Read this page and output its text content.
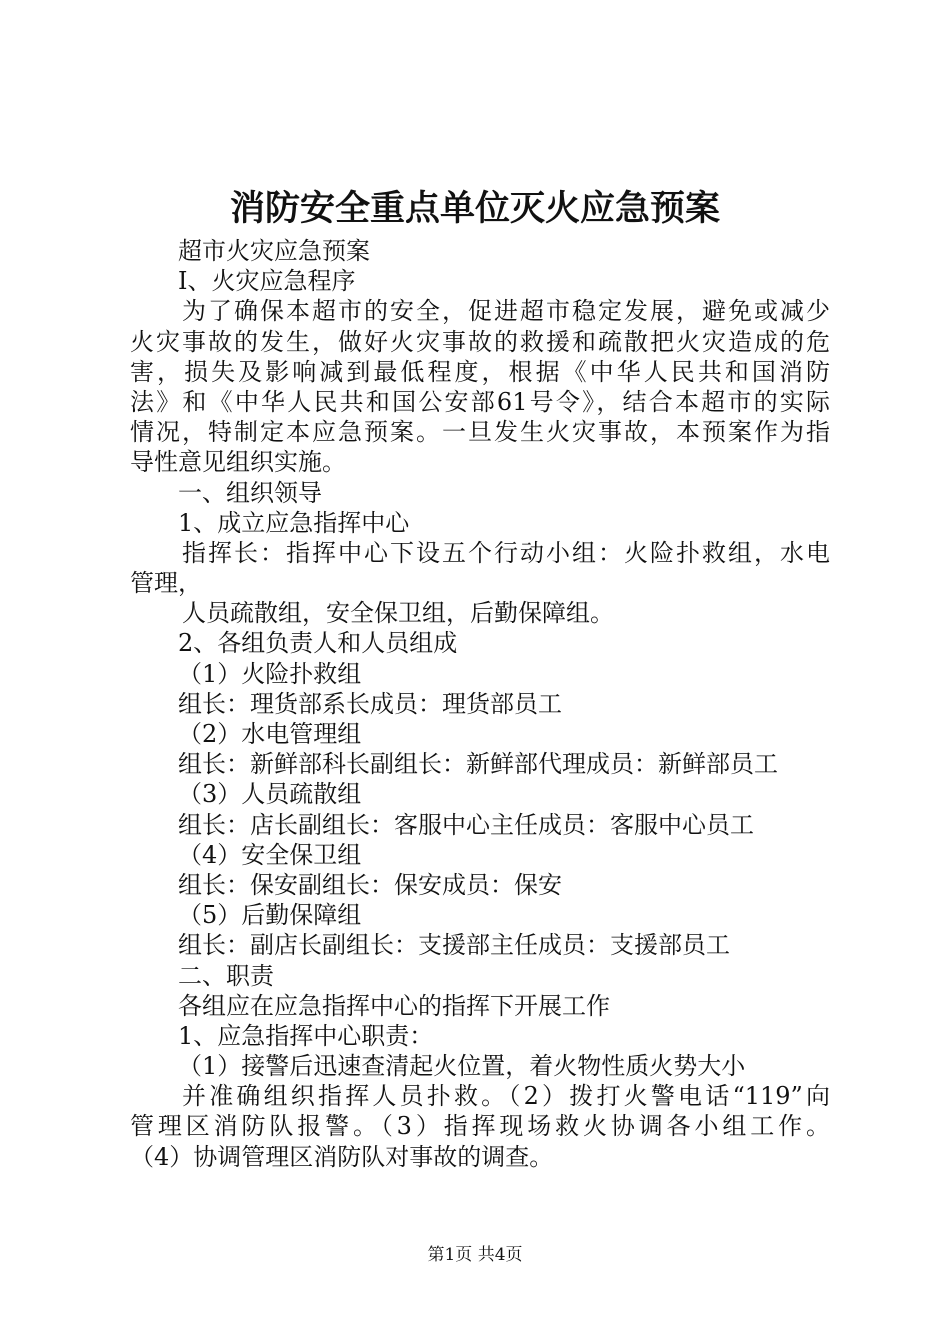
消防安全重点单位灭火应急预案
超市火灾应急预案
Ⅰ、火灾应急程序
为了确保本超市的安全，促进超市稳定发展，避免或减少
火灾事故的发生，做好火灾事故的救援和疏散把火灾造成的危
害，损失及影响减到最低程度，根据《中华人民共和国消防
法》和《中华人民共和国公安部61号令》，结合本超市的实际
情况，特制定本应急预案。一旦发生火灾事故，本预案作为指
导性意见组织实施。
一、组织领导
1、成立应急指挥中心
指挥长：指挥中心下设五个行动小组：火险扑救组，水电
管理，
人员疏散组，安全保卫组，后勤保障组。
2、各组负责人和人员组成
（1）火险扑救组
组长：理货部系长成员：理货部员工
（2）水电管理组
组长：新鲜部科长副组长：新鲜部代理成员：新鲜部员工
（3）人员疏散组
组长：店长副组长：客服中心主任成员：客服中心员工
（4）安全保卫组
组长：保安副组长：保安成员：保安
（5）后勤保障组
组长：副店长副组长：支援部主任成员：支援部员工
二、职责
各组应在应急指挥中心的指挥下开展工作
1、应急指挥中心职责：
（1）接警后迅速查清起火位置，着火物性质火势大小
并准确组织指挥人员扑救。（2）拨打火警电话“119”向
管理区消防队报警。（3）指挥现场救火协调各小组工作。
（4）协调管理区消防队对事故的调查。
第1页 共4页
